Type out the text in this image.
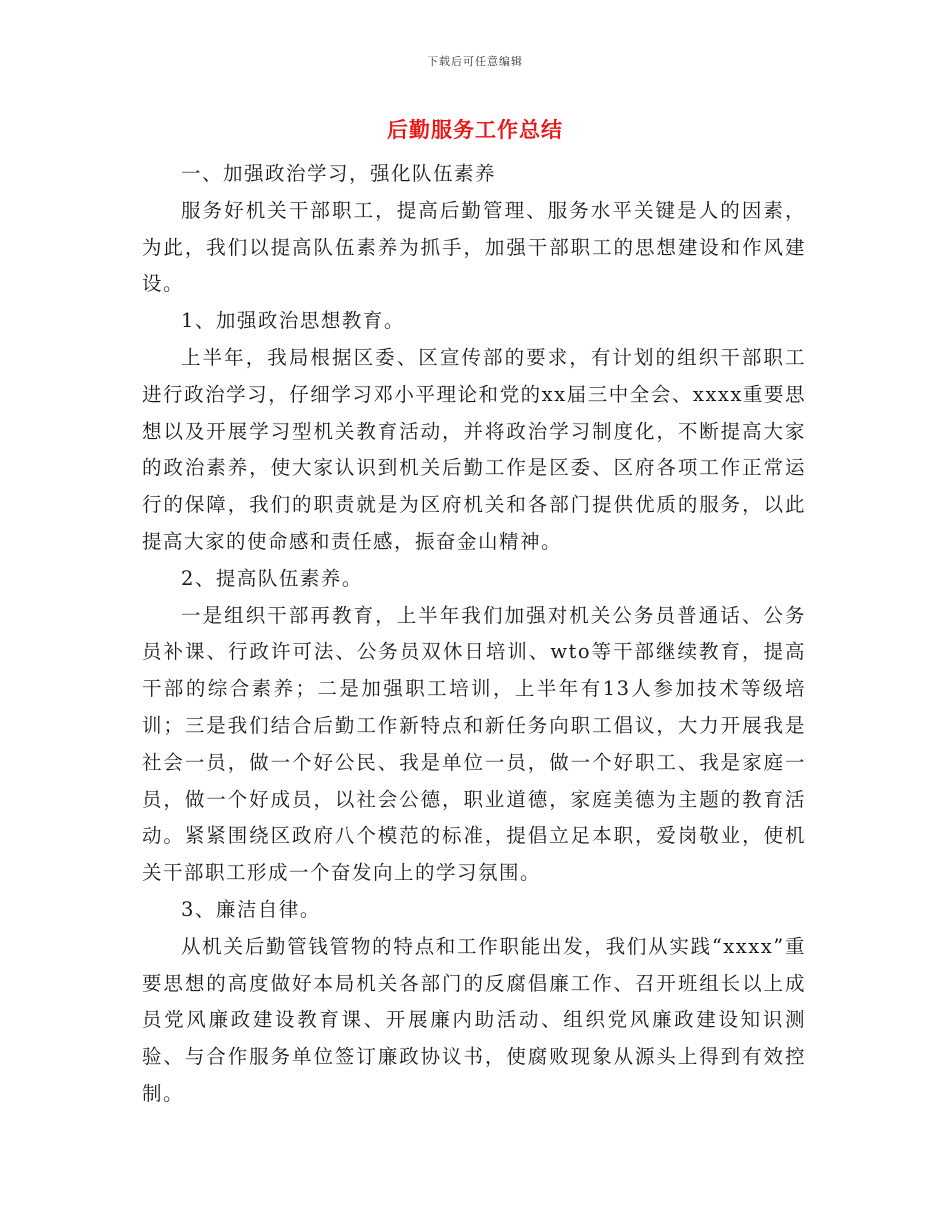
下载后可任意编辑
后勤服务工作总结

一、加强政治学习，强化队伍素养

服务好机关干部职工，提高后勤管理、服务水平关键是人的因素，为此，我们以提高队伍素养为抓手，加强干部职工的思想建设和作风建设。

1、加强政治思想教育。

上半年，我局根据区委、区宣传部的要求，有计划的组织干部职工进行政治学习，仔细学习邓小平理论和党的xx届三中全会、xxxx重要思想以及开展学习型机关教育活动，并将政治学习制度化，不断提高大家的政治素养，使大家认识到机关后勤工作是区委、区府各项工作正常运行的保障，我们的职责就是为区府机关和各部门提供优质的服务，以此提高大家的使命感和责任感，振奋金山精神。

2、提高队伍素养。

一是组织干部再教育，上半年我们加强对机关公务员普通话、公务员补课、行政许可法、公务员双休日培训、wto等干部继续教育，提高干部的综合素养；二是加强职工培训，上半年有13人参加技术等级培训；三是我们结合后勤工作新特点和新任务向职工倡议，大力开展我是社会一员，做一个好公民、我是单位一员，做一个好职工、我是家庭一员，做一个好成员，以社会公德，职业道德，家庭美德为主题的教育活动。紧紧围绕区政府八个模范的标准，提倡立足本职，爱岗敬业，使机关干部职工形成一个奋发向上的学习氛围。

3、廉洁自律。

从机关后勤管钱管物的特点和工作职能出发，我们从实践“xxxx”重要思想的高度做好本局机关各部门的反腐倡廉工作、召开班组长以上成员党风廉政建设教育课、开展廉内助活动、组织党风廉政建设知识测验、与合作服务单位签订廉政协议书，使腐败现象从源头上得到有效控制。
